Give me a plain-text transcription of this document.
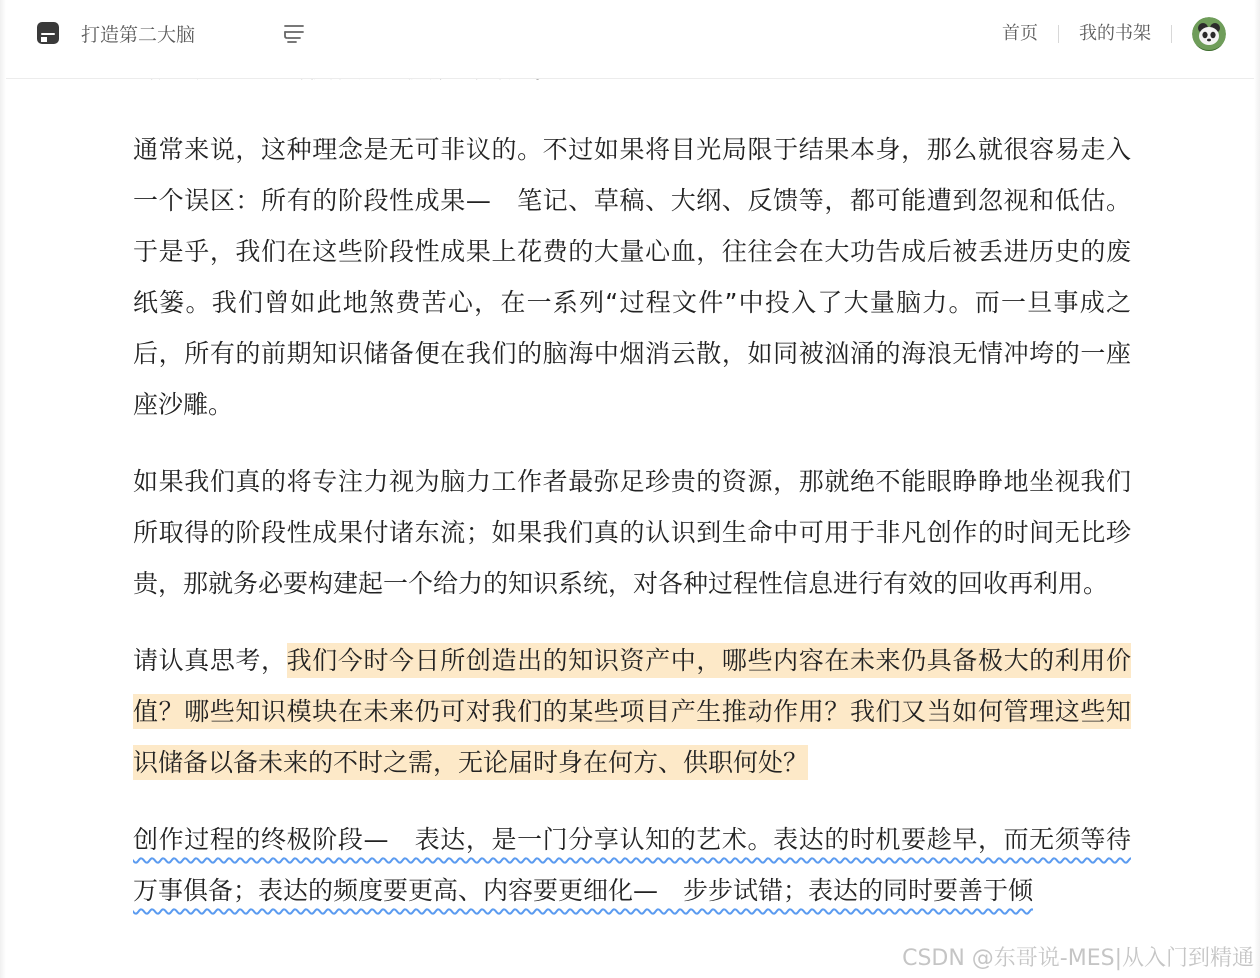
打造第二大脑	首页 我的书架

通常来说，这种理念是无可非议的。不过如果将目光局限于结果本身，那么就很容易走入一个误区：所有的阶段性成果—　笔记、草稿、大纲、反馈等，都可能遭到忽视和低估。于是乎，我们在这些阶段性成果上花费的大量心血，往往会在大功告成后被丢进历史的废纸篓。我们曾如此地煞费苦心，在一系列“过程文件”中投入了大量脑力。而一旦事成之后，所有的前期知识储备便在我们的脑海中烟消云散，如同被汹涌的海浪无情冲垮的一座座沙雕。

如果我们真的将专注力视为脑力工作者最弥足珍贵的资源，那就绝不能眼睁睁地坐视我们所取得的阶段性成果付诸东流；如果我们真的认识到生命中可用于非凡创作的时间无比珍贵，那就务必要构建起一个给力的知识系统，对各种过程性信息进行有效的回收再利用。

请认真思考，我们今时今日所创造出的知识资产中，哪些内容在未来仍具备极大的利用价值？哪些知识模块在未来仍可对我们的某些项目产生推动作用？我们又当如何管理这些知识储备以备未来的不时之需，无论届时身在何方、供职何处？

创作过程的终极阶段—　表达，是一门分享认知的艺术。表达的时机要趁早，而无须等待万事俱备；表达的频度要更高、内容要更细化—　步步试错；表达的同时要善于倾

CSDN @东哥说-MES|从入门到精通
